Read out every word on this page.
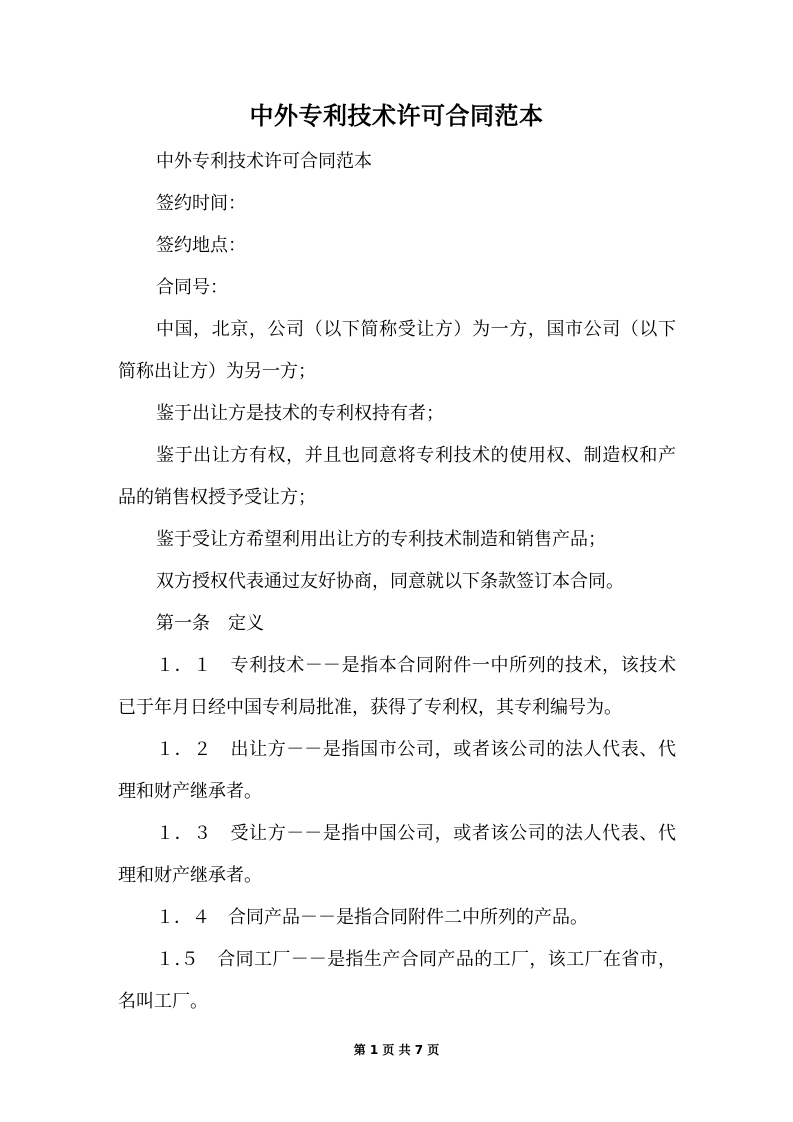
中外专利技术许可合同范本

中外专利技术许可合同范本

签约时间：

签约地点：

合同号：

中国，北京，公司（以下简称受让方）为一方，国市公司（以下简称出让方）为另一方；

鉴于出让方是技术的专利权持有者；

鉴于出让方有权，并且也同意将专利技术的使用权、制造权和产品的销售权授予受让方；

鉴于受让方希望利用出让方的专利技术制造和销售产品；

双方授权代表通过友好协商，同意就以下条款签订本合同。

第一条　定义

１．１　专利技术－－是指本合同附件一中所列的技术，该技术已于年月日经中国专利局批准，获得了专利权，其专利编号为。

１．２　出让方－－是指国市公司，或者该公司的法人代表、代理和财产继承者。

１．３　受让方－－是指中国公司，或者该公司的法人代表、代理和财产继承者。

１．４　合同产品－－是指合同附件二中所列的产品。

１.５　合同工厂－－是指生产合同产品的工厂，该工厂在省市，名叫工厂。

第 1 页 共 7 页
